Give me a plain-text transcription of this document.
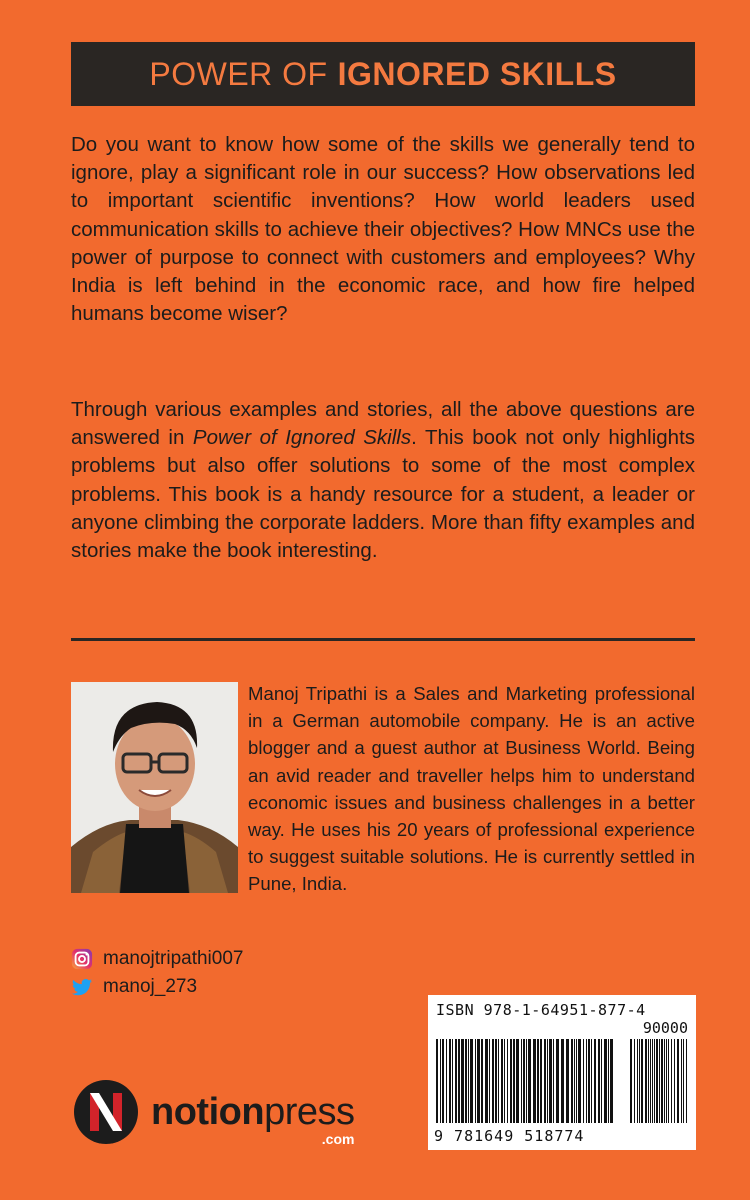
POWER OF IGNORED SKILLS

Do you want to know how some of the skills we generally tend to ignore, play a significant role in our success? How observations led to important scientific inventions? How world leaders used communication skills to achieve their objectives? How MNCs use the power of purpose to connect with customers and employees? Why India is left behind in the economic race, and how fire helped humans become wiser?

Through various examples and stories, all the above questions are answered in Power of Ignored Skills. This book not only highlights problems but also offer solutions to some of the most complex problems. This book is a handy resource for a student, a leader or anyone climbing the corporate ladders. More than fifty examples and stories make the book interesting.

Manoj Tripathi is a Sales and Marketing professional in a German automobile company. He is an active blogger and a guest author at Business World. Being an avid reader and traveller helps him to understand economic issues and business challenges in a better way. He uses his 20 years of professional experience to suggest suitable solutions. He is currently settled in Pune, India.
manojtripathi007
manoj_273
notionpress
.com
ISBN 978-1-64951-877-4
90000
9 781649 518774
